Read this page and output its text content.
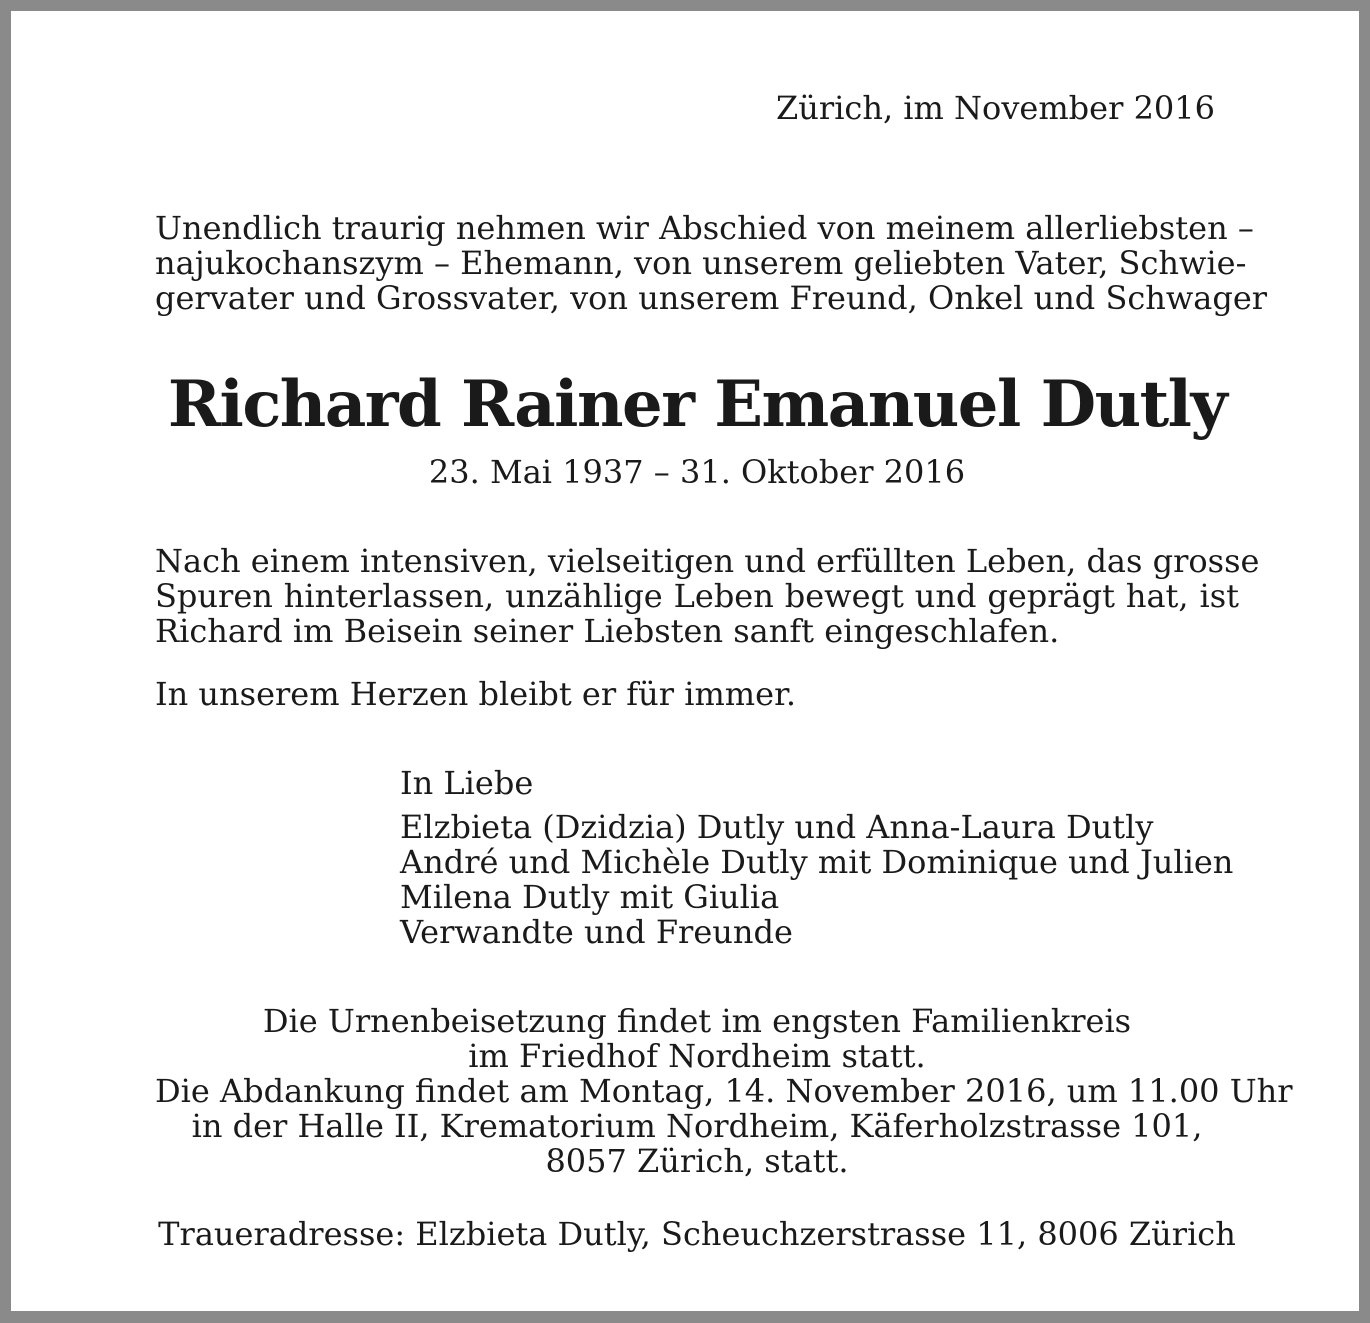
Zürich, im November 2016
Unendlich traurig nehmen wir Abschied von meinem allerliebsten –
najukochanszym – Ehemann, von unserem geliebten Vater, Schwie-
gervater und Grossvater, von unserem Freund, Onkel und Schwager
Richard Rainer Emanuel Dutly
23. Mai 1937 – 31. Oktober 2016
Nach einem intensiven, vielseitigen und erfüllten Leben, das grosse
Spuren hinterlassen, unzählige Leben bewegt und geprägt hat, ist
Richard im Beisein seiner Liebsten sanft eingeschlafen.
In unserem Herzen bleibt er für immer.
In Liebe
Elzbieta (Dzidzia) Dutly und Anna-Laura Dutly
André und Michèle Dutly mit Dominique und Julien
Milena Dutly mit Giulia
Verwandte und Freunde
Die Urnenbeisetzung findet im engsten Familienkreis
im Friedhof Nordheim statt.
Die Abdankung findet am Montag, 14. November 2016, um 11.00 Uhr
in der Halle II, Krematorium Nordheim, Käferholzstrasse 101,
8057 Zürich, statt.
Traueradresse: Elzbieta Dutly, Scheuchzerstrasse 11, 8006 Zürich
